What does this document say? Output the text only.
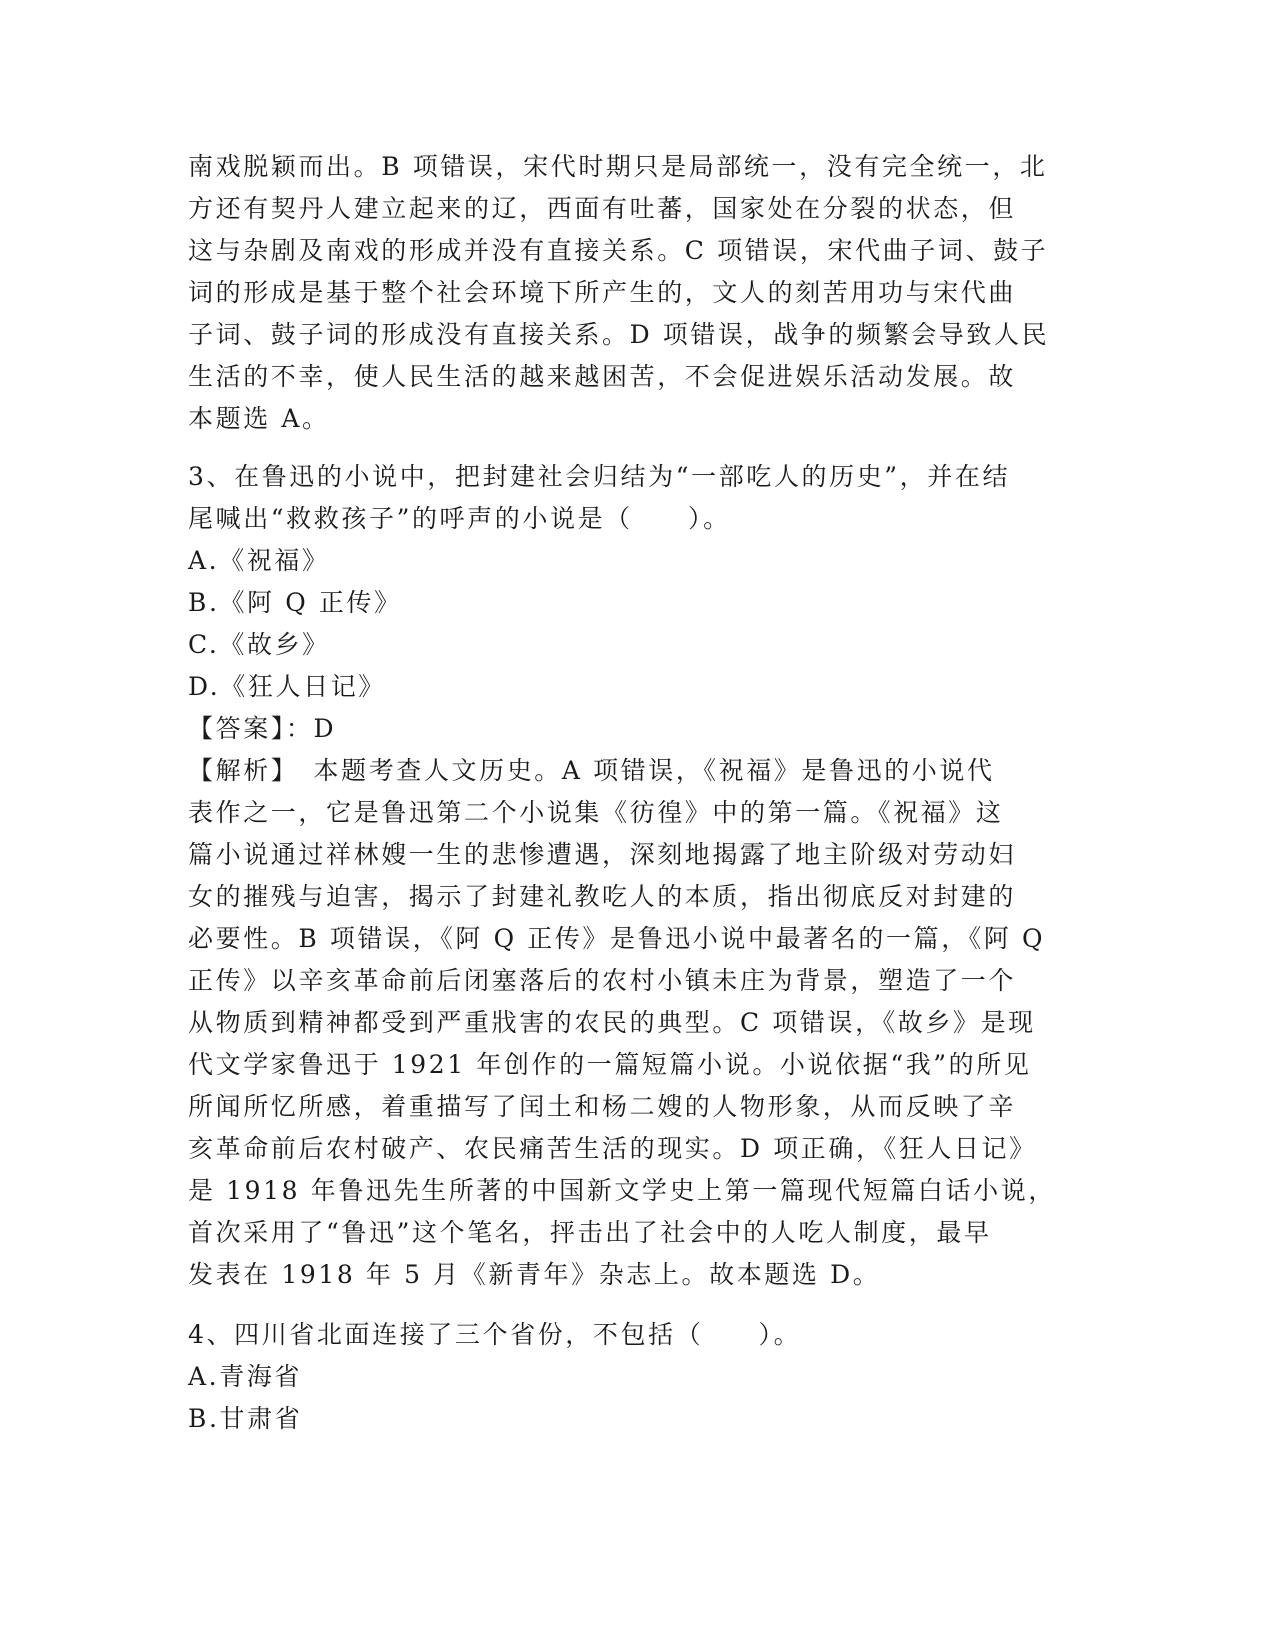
南戏脱颖而出。B 项错误，宋代时期只是局部统一，没有完全统一，北
方还有契丹人建立起来的辽，西面有吐蕃，国家处在分裂的状态，但
这与杂剧及南戏的形成并没有直接关系。C 项错误，宋代曲子词、鼓子
词的形成是基于整个社会环境下所产生的，文人的刻苦用功与宋代曲
子词、鼓子词的形成没有直接关系。D 项错误，战争的频繁会导致人民
生活的不幸，使人民生活的越来越困苦，不会促进娱乐活动发展。故
本题选 A。
3、在鲁迅的小说中，把封建社会归结为“一部吃人的历史”，并在结
尾喊出“救救孩子”的呼声的小说是（　　）。
A.《祝福》
B.《阿 Q 正传》
C.《故乡》
D.《狂人日记》
【答案】：D
【解析】　本题考查人文历史。A 项错误，《祝福》是鲁迅的小说代
表作之一，它是鲁迅第二个小说集《彷徨》中的第一篇。《祝福》这
篇小说通过祥林嫂一生的悲惨遭遇，深刻地揭露了地主阶级对劳动妇
女的摧残与迫害，揭示了封建礼教吃人的本质，指出彻底反对封建的
必要性。B 项错误，《阿 Q 正传》是鲁迅小说中最著名的一篇，《阿 Q
正传》以辛亥革命前后闭塞落后的农村小镇未庄为背景，塑造了一个
从物质到精神都受到严重戕害的农民的典型。C 项错误，《故乡》是现
代文学家鲁迅于 1921 年创作的一篇短篇小说。小说依据“我”的所见
所闻所忆所感，着重描写了闰土和杨二嫂的人物形象，从而反映了辛
亥革命前后农村破产、农民痛苦生活的现实。D 项正确，《狂人日记》
是 1918 年鲁迅先生所著的中国新文学史上第一篇现代短篇白话小说，
首次采用了“鲁迅”这个笔名，抨击出了社会中的人吃人制度，最早
发表在 1918 年 5 月《新青年》杂志上。故本题选 D。
4、四川省北面连接了三个省份，不包括（　　）。
A.青海省
B.甘肃省
